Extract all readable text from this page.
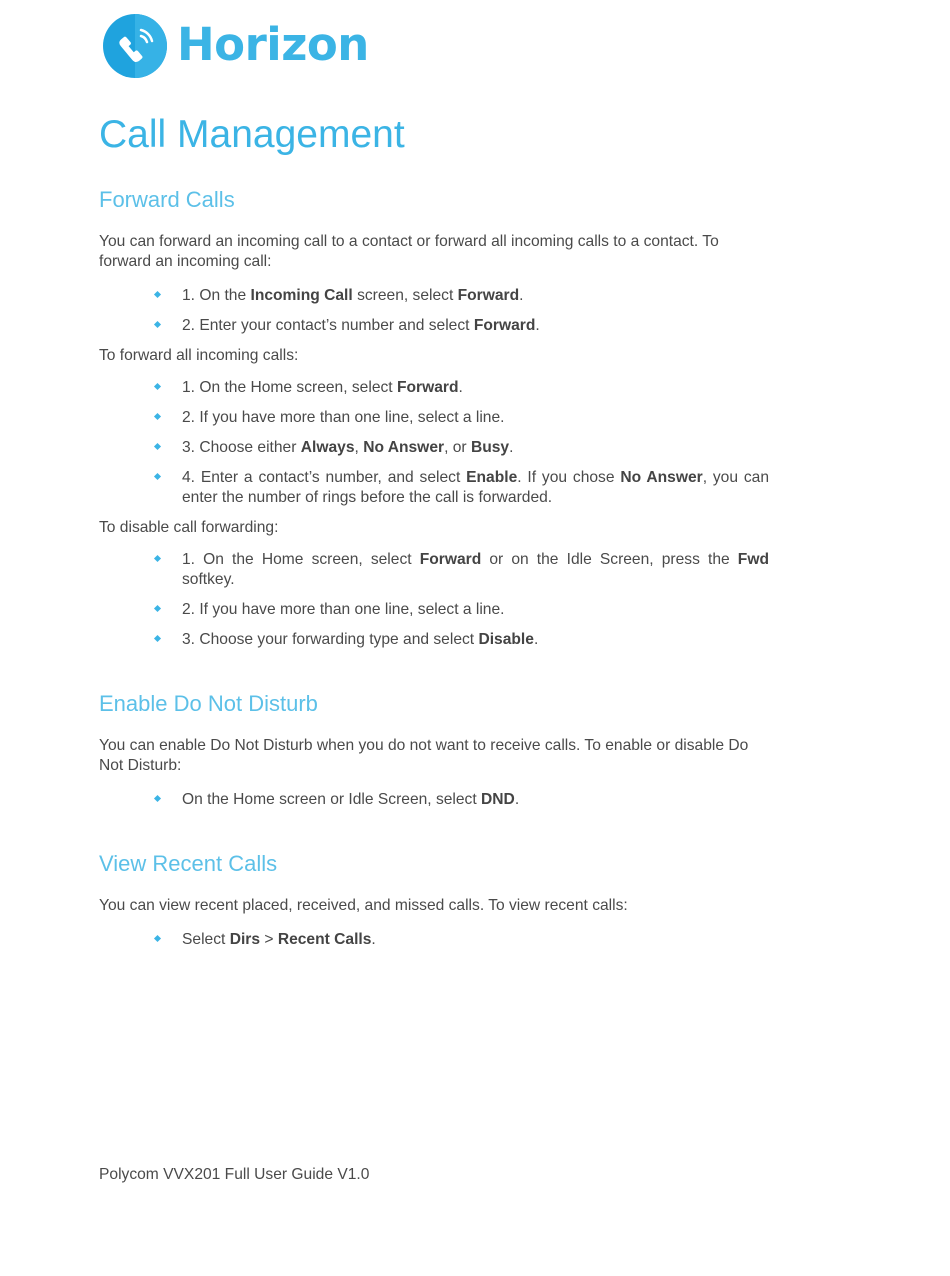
Horizon
Call Management
Forward Calls

You can forward an incoming call to a contact or forward all incoming calls to a contact. To forward an incoming call:

1. On the Incoming Call screen, select Forward.
2. Enter your contact’s number and select Forward.

To forward all incoming calls:

1. On the Home screen, select Forward.
2. If you have more than one line, select a line.
3. Choose either Always, No Answer, or Busy.
4. Enter a contact’s number, and select Enable. If you chose No Answer, you can enter the number of rings before the call is forwarded.

To disable call forwarding:

1. On the Home screen, select Forward or on the Idle Screen, press the Fwd softkey.
2. If you have more than one line, select a line.
3. Choose your forwarding type and select Disable.
Enable Do Not Disturb

You can enable Do Not Disturb when you do not want to receive calls. To enable or disable Do Not Disturb:

On the Home screen or Idle Screen, select DND.
View Recent Calls

You can view recent placed, received, and missed calls. To view recent calls:

Select Dirs > Recent Calls.
Polycom VVX201 Full User Guide V1.0
